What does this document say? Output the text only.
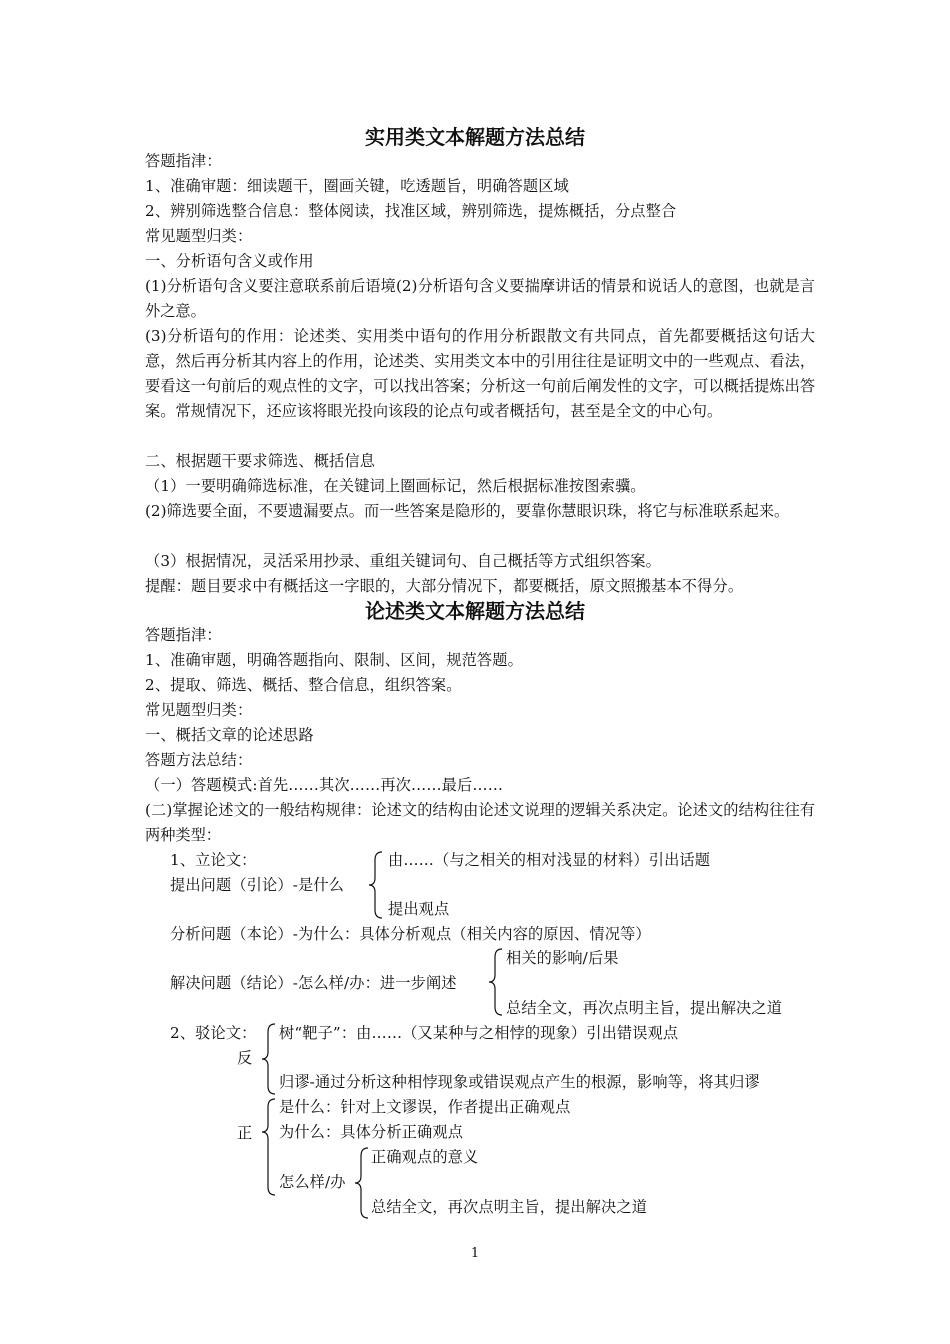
实用类文本解题方法总结
答题指津：
1、准确审题：细读题干，圈画关键，吃透题旨，明确答题区域
2、辨别筛选整合信息：整体阅读，找准区域，辨别筛选，提炼概括，分点整合
常见题型归类：
一、分析语句含义或作用
(1)分析语句含义要注意联系前后语境(2)分析语句含义要揣摩讲话的情景和说话人的意图，也就是言外之意。
(3)分析语句的作用：论述类、实用类中语句的作用分析跟散文有共同点，首先都要概括这句话大意，然后再分析其内容上的作用，论述类、实用类文本中的引用往往是证明文中的一些观点、看法，要看这一句前后的观点性的文字，可以找出答案；分析这一句前后阐发性的文字，可以概括提炼出答案。常规情况下，还应该将眼光投向该段的论点句或者概括句，甚至是全文的中心句。
二、根据题干要求筛选、概括信息
（1）一要明确筛选标准，在关键词上圈画标记，然后根据标准按图索骥。
(2)筛选要全面，不要遗漏要点。而一些答案是隐形的，要靠你慧眼识珠，将它与标准联系起来。
（3）根据情况，灵活采用抄录、重组关键词句、自己概括等方式组织答案。
提醒：题目要求中有概括这一字眼的，大部分情况下，都要概括，原文照搬基本不得分。
论述类文本解题方法总结
答题指津：
1、准确审题，明确答题指向、限制、区间，规范答题。
2、提取、筛选、概括、整合信息，组织答案。
常见题型归类：
一、概括文章的论述思路
答题方法总结：
（一）答题模式:首先……其次……再次……最后……
(二)掌握论述文的一般结构规律：论述文的结构由论述文说理的逻辑关系决定。论述文的结构往往有两种类型：
1、立论文：
提出问题（引论）-是什么
由……（与之相关的相对浅显的材料）引出话题
提出观点
分析问题（本论）-为什么：具体分析观点（相关内容的原因、情况等）
解决问题（结论）-怎么样/办：进一步阐述
相关的影响/后果
总结全文，再次点明主旨，提出解决之道
2、驳论文：
反
树“靶子”：由……（又某种与之相悖的现象）引出错误观点
归谬-通过分析这种相悖现象或错误观点产生的根源，影响等，将其归谬
正
是什么：针对上文谬误，作者提出正确观点
为什么：具体分析正确观点
怎么样/办
正确观点的意义
总结全文，再次点明主旨，提出解决之道
1
